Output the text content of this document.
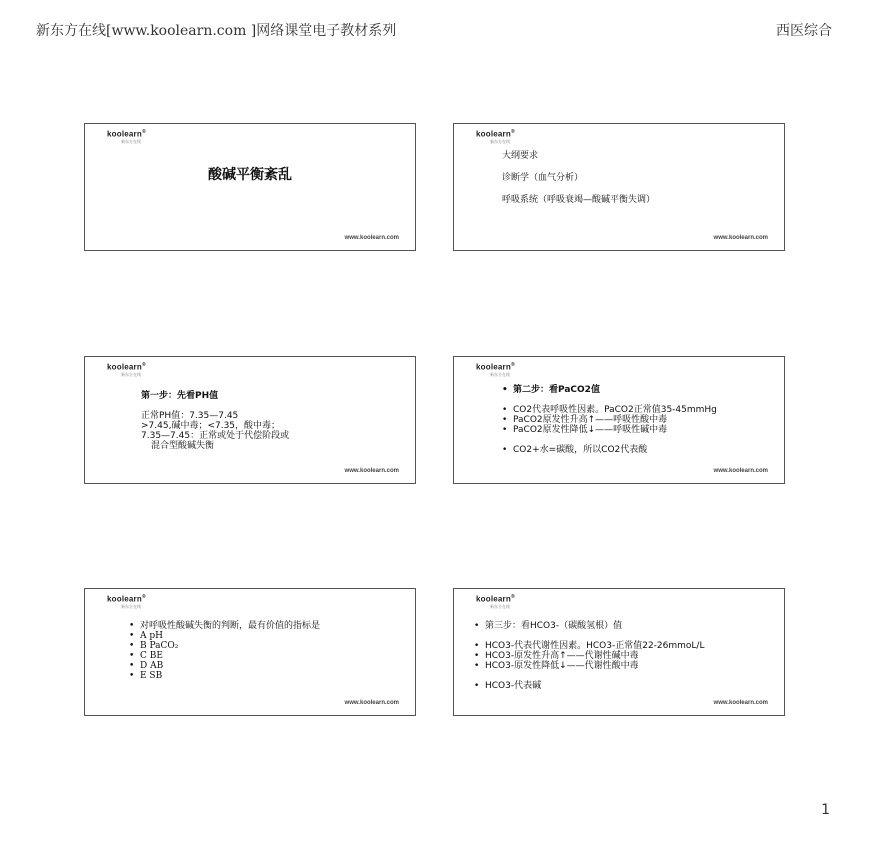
新东方在线[www.koolearn.com ]网络课堂电子教材系列	西医综合
koolearn®
新东方在线
酸碱平衡紊乱
www.koolearn.com
koolearn®
新东方在线
大纲要求
诊断学（血气分析）
呼吸系统（呼吸衰竭—酸碱平衡失调）
www.koolearn.com
koolearn®
新东方在线
第一步：先看PH值
正常PH值：7.35—7.45
>7.45,碱中毒；<7.35，酸中毒；
7.35—7.45：正常或处于代偿阶段或
混合型酸碱失衡
www.koolearn.com
koolearn®
新东方在线
• 第二步：看PaCO2值
• CO2代表呼吸性因素。PaCO2正常值35-45mmHg
• PaCO2原发性升高↑——呼吸性酸中毒
• PaCO2原发性降低↓——呼吸性碱中毒
• CO2+水=碳酸，所以CO2代表酸
www.koolearn.com
koolearn®
新东方在线
• 对呼吸性酸碱失衡的判断，最有价值的指标是
• A pH
• B PaCO₂
• C BE
• D AB
• E SB
www.koolearn.com
koolearn®
新东方在线
• 第三步：看HCO3-（碳酸氢根）值
• HCO3-代表代谢性因素。HCO3-正常值22-26mmoL/L
• HCO3-原发性升高↑——代谢性碱中毒
• HCO3-原发性降低↓——代谢性酸中毒
• HCO3-代表碱
www.koolearn.com
1
